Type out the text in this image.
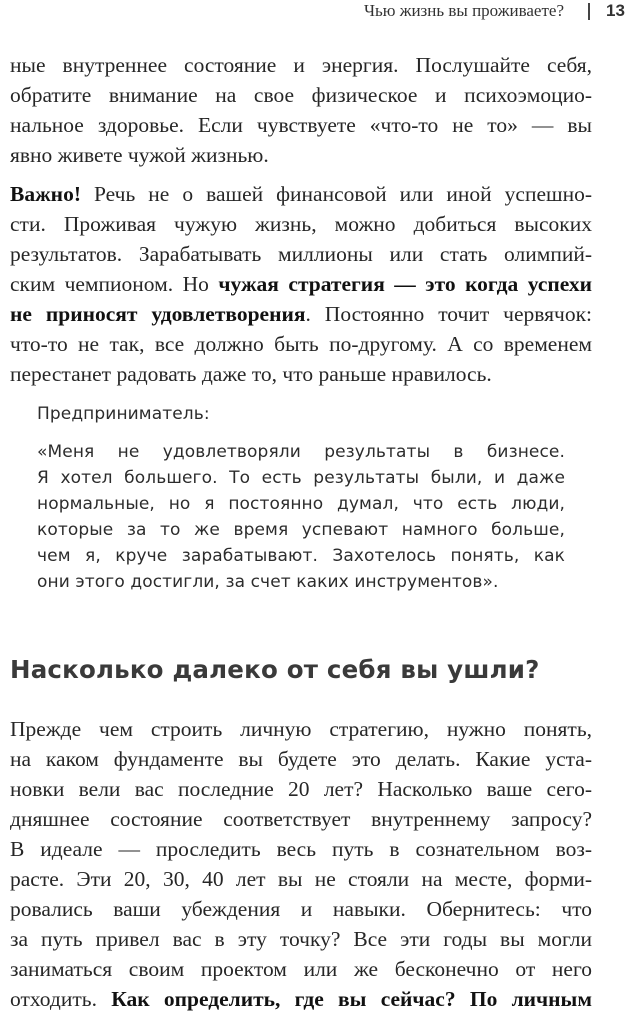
Чью жизнь вы проживаете? 13
ные внутреннее состояние и энергия. Послушайте себя,
обратите внимание на свое физическое и психоэмоцио-
нальное здоровье. Если чувствуете «что-то не то» — вы
явно живете чужой жизнью.
Важно! Речь не о вашей финансовой или иной успешно-
сти. Проживая чужую жизнь, можно добиться высоких
результатов. Зарабатывать миллионы или стать олимпий-
ским чемпионом. Но чужая стратегия — это когда успехи
не приносят удовлетворения. Постоянно точит червячок:
что-то не так, все должно быть по-другому. А со временем
перестанет радовать даже то, что раньше нравилось.
Предприниматель:
«Меня не удовлетворяли результаты в бизнесе.
Я хотел большего. То есть результаты были, и даже
нормальные, но я постоянно думал, что есть люди,
которые за то же время успевают намного больше,
чем я, круче зарабатывают. Захотелось понять, как
они этого достигли, за счет каких инструментов».
Насколько далеко от себя вы ушли?
Прежде чем строить личную стратегию, нужно понять,
на каком фундаменте вы будете это делать. Какие уста-
новки вели вас последние 20 лет? Насколько ваше сего-
дняшнее состояние соответствует внутреннему запросу?
В идеале — проследить весь путь в сознательном воз-
расте. Эти 20, 30, 40 лет вы не стояли на месте, форми-
ровались ваши убеждения и навыки. Обернитесь: что
за путь привел вас в эту точку? Все эти годы вы могли
заниматься своим проектом или же бесконечно от него
отходить. Как определить, где вы сейчас? По личным
